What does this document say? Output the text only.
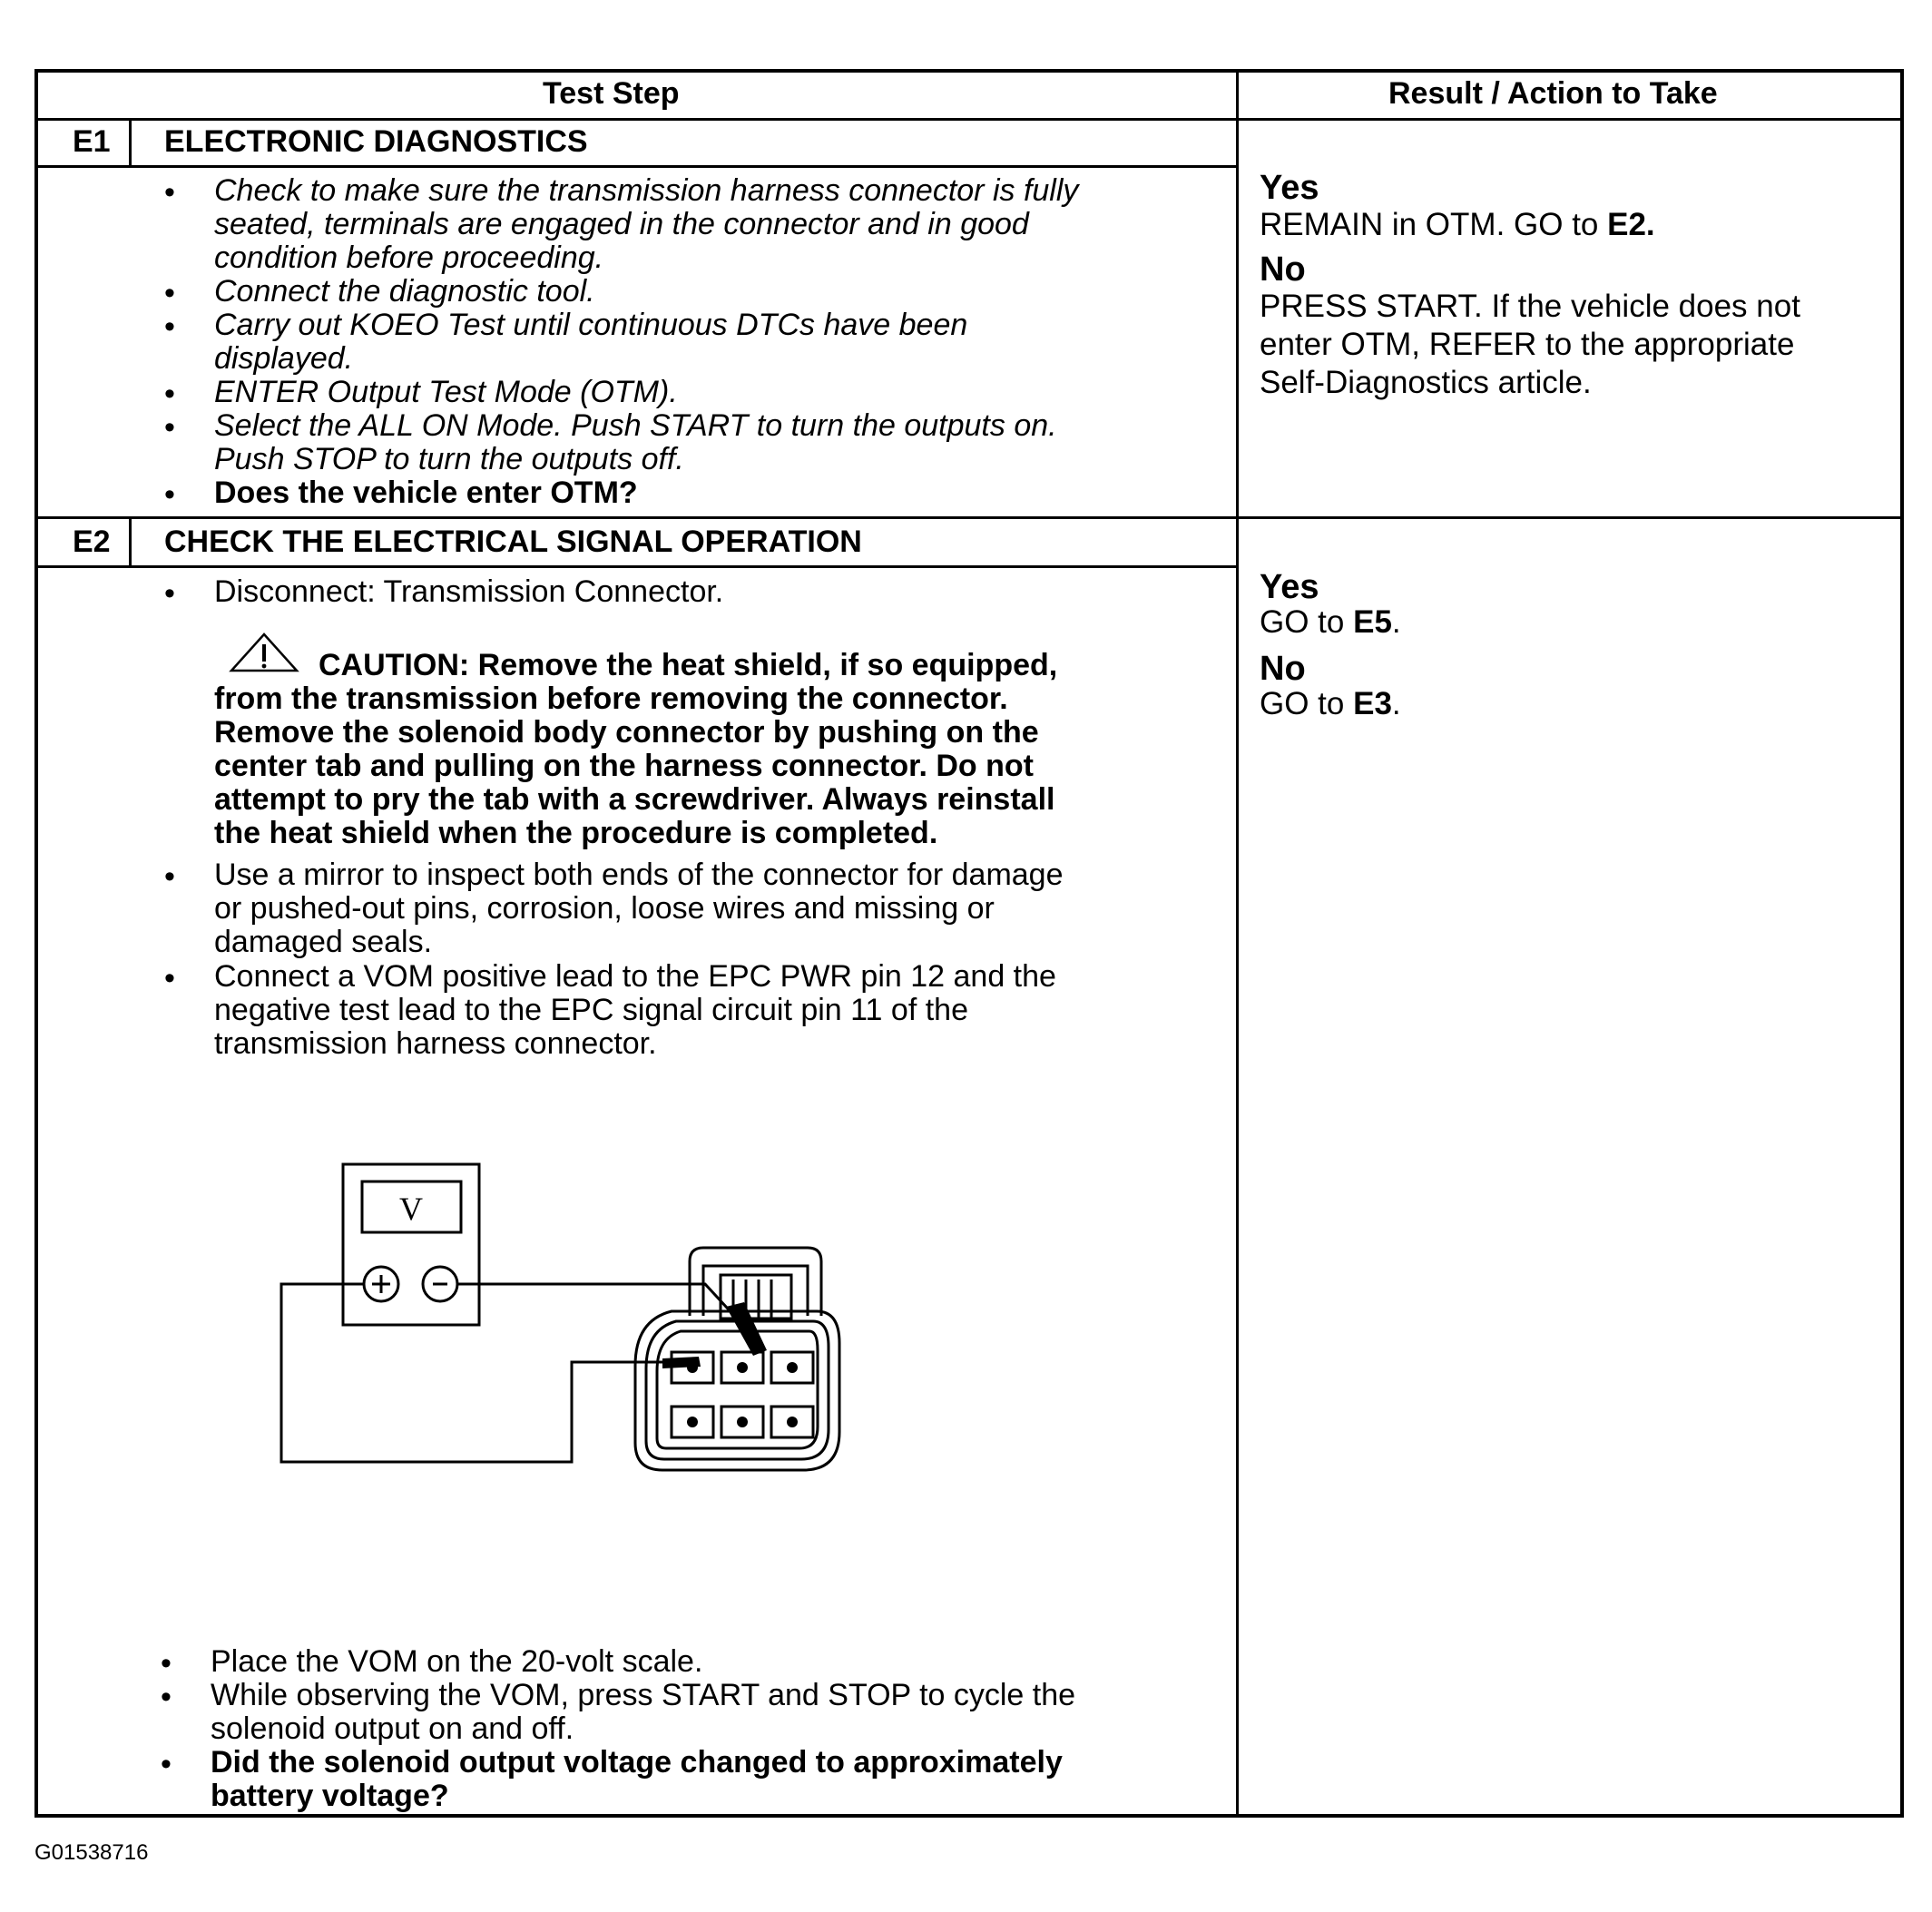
Test Step	Result / Action to Take
E1 ELECTRONIC DIAGNOSTICS
• Check to make sure the transmission harness connector is fully
seated, terminals are engaged in the connector and in good
condition before proceeding.
• Connect the diagnostic tool.
• Carry out KOEO Test until continuous DTCs have been
displayed.
• ENTER Output Test Mode (OTM).
• Select the ALL ON Mode. Push START to turn the outputs on.
Push STOP to turn the outputs off.
• Does the vehicle enter OTM?
Yes
REMAIN in OTM. GO to E2.
No
PRESS START. If the vehicle does not
enter OTM, REFER to the appropriate
Self-Diagnostics article.
E2 CHECK THE ELECTRICAL SIGNAL OPERATION
• Disconnect: Transmission Connector.
CAUTION: Remove the heat shield, if so equipped,
from the transmission before removing the connector.
Remove the solenoid body connector by pushing on the
center tab and pulling on the harness connector. Do not
attempt to pry the tab with a screwdriver. Always reinstall
the heat shield when the procedure is completed.
• Use a mirror to inspect both ends of the connector for damage
or pushed-out pins, corrosion, loose wires and missing or
damaged seals.
• Connect a VOM positive lead to the EPC PWR pin 12 and the
negative test lead to the EPC signal circuit pin 11 of the
transmission harness connector.
V
• Place the VOM on the 20-volt scale.
• While observing the VOM, press START and STOP to cycle the
solenoid output on and off.
• Did the solenoid output voltage changed to approximately
battery voltage?
Yes
GO to E5.
No
GO to E3.
G01538716
